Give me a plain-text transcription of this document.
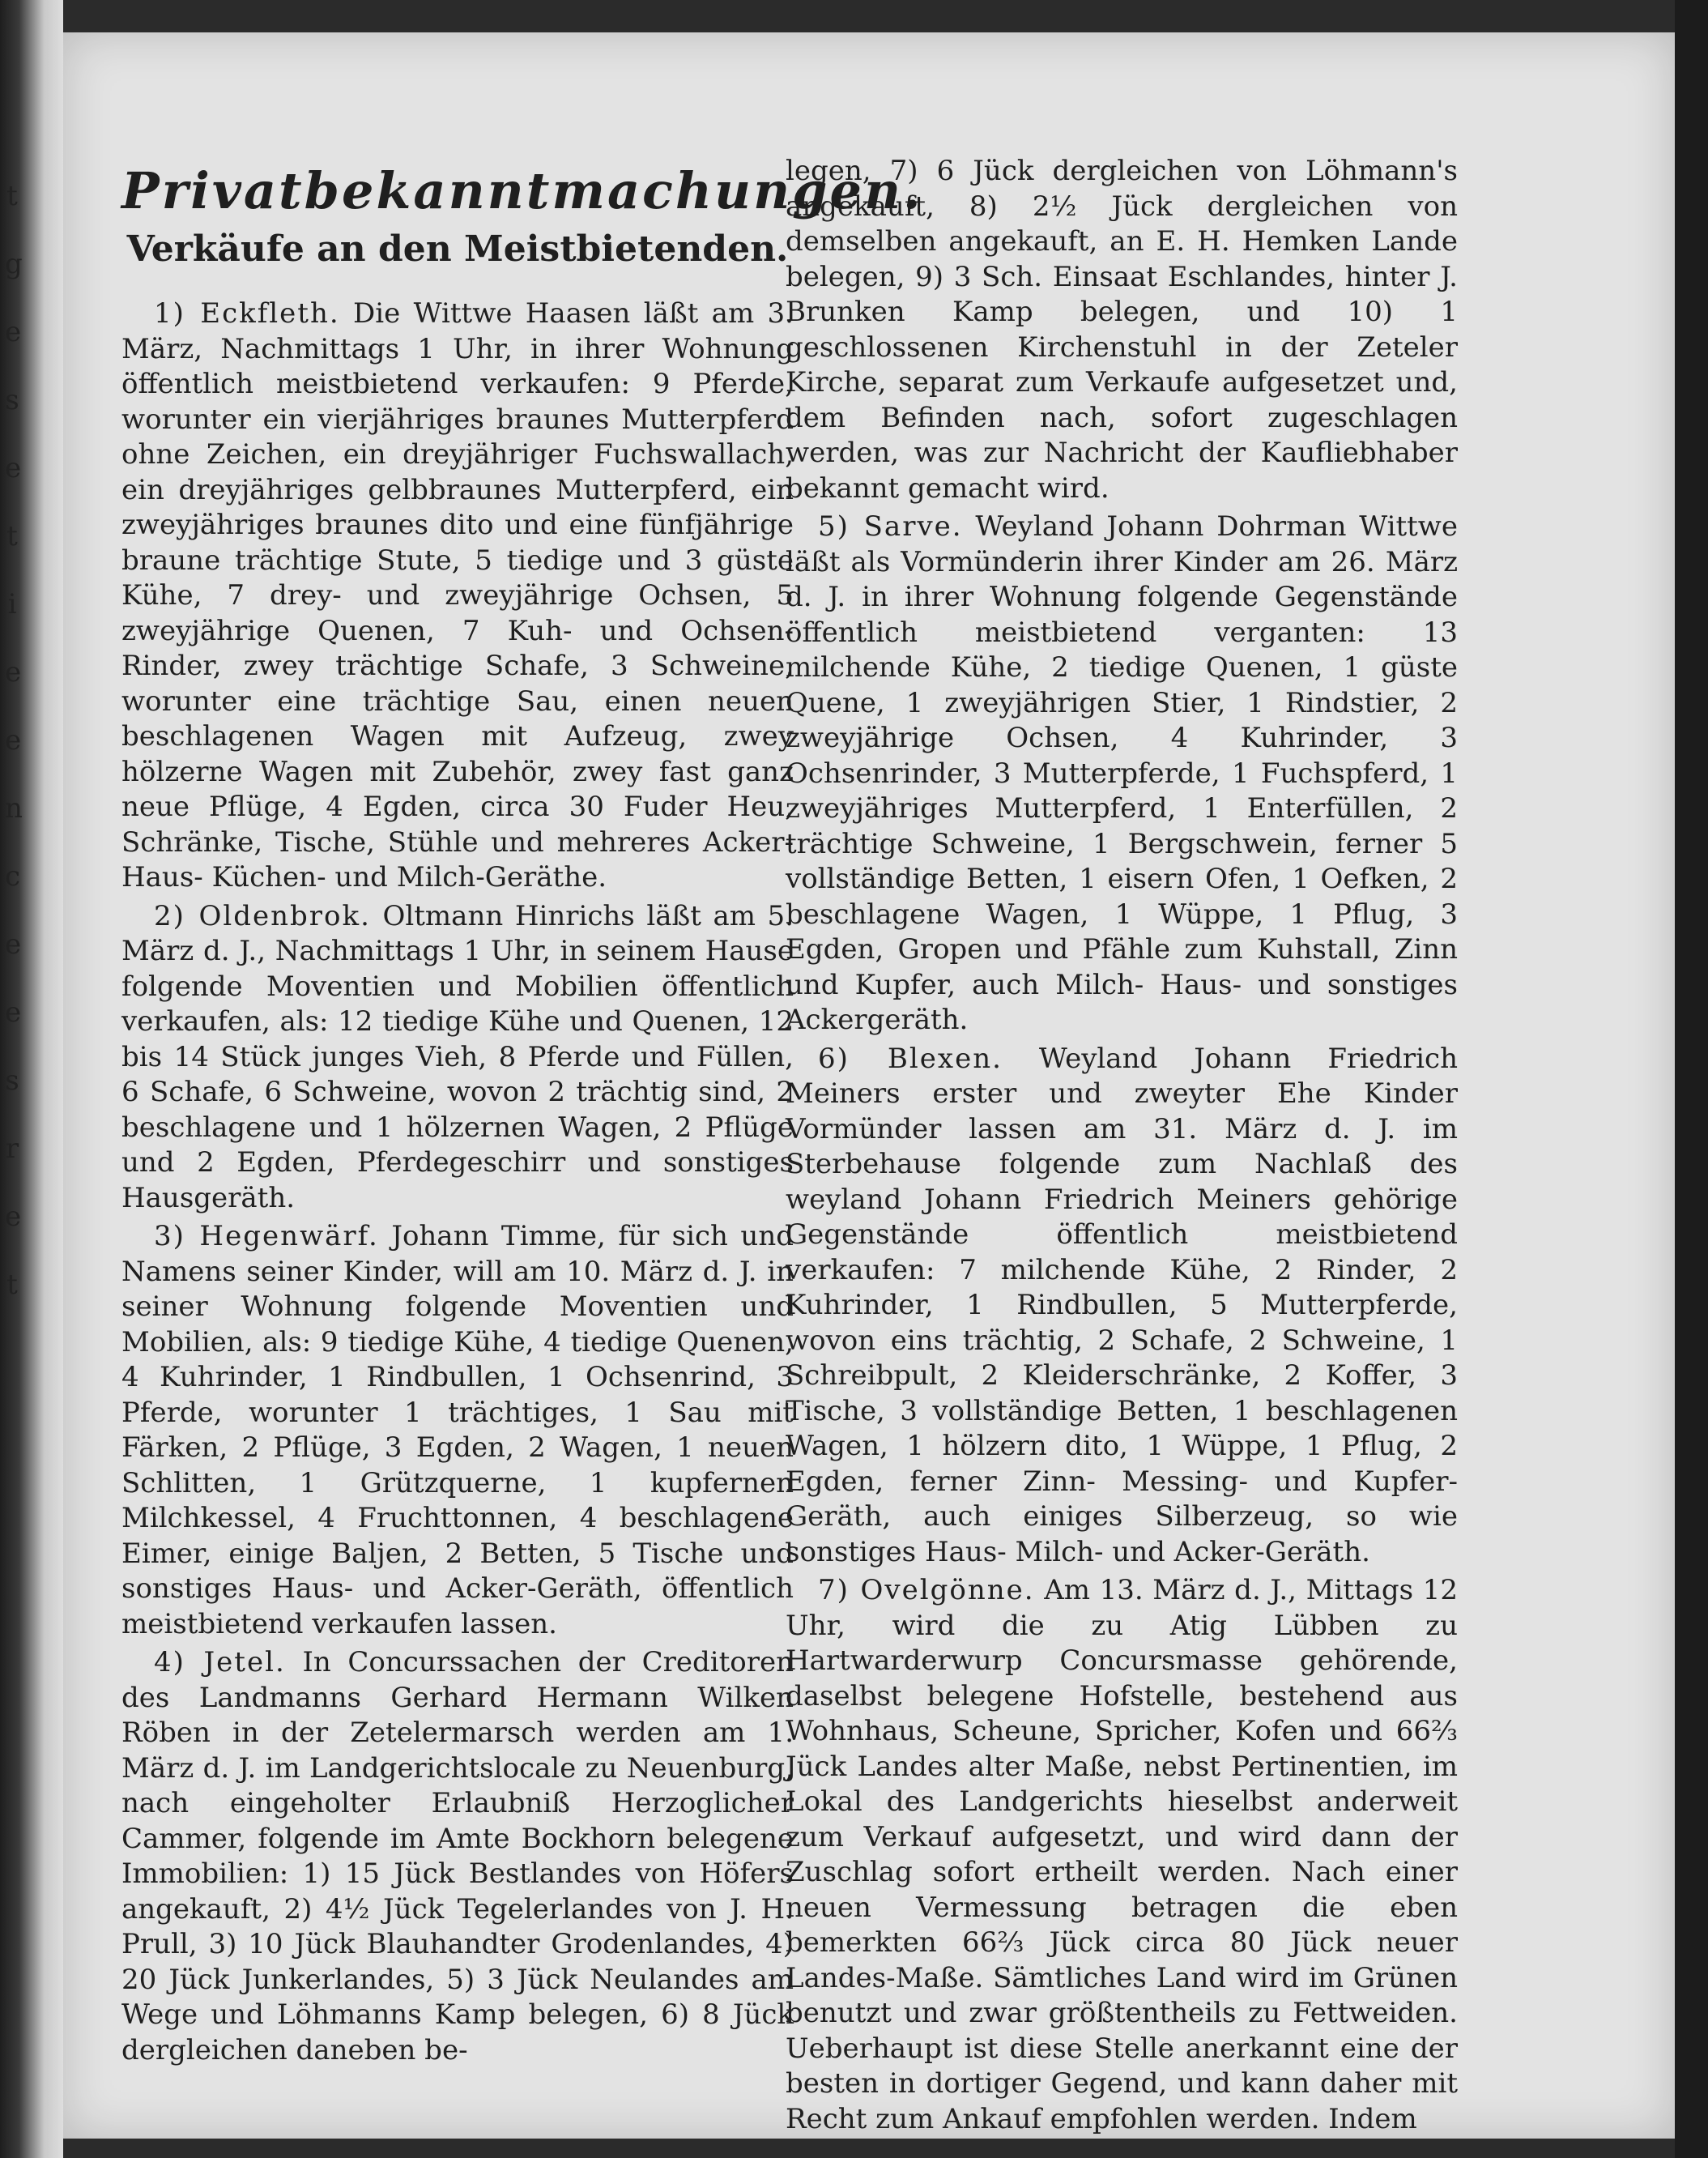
t
g
e
s
e
t
i
e
e
n
c
e
e
s
r
e
t
Privatbekanntmachungen.
Verkäufe an den Meistbietenden.

1) Eckfleth. Die Wittwe Haasen läßt am 3. März, Nachmittags 1 Uhr, in ihrer Wohnung öffentlich meistbietend verkaufen: 9 Pferde, worunter ein vierjähriges braunes Mutterpferd ohne Zeichen, ein dreyjähriger Fuchswallach, ein dreyjähriges gelbbraunes Mutterpferd, ein zweyjähriges braunes dito und eine fünfjährige braune trächtige Stute, 5 tiedige und 3 güste Kühe, 7 drey- und zweyjährige Ochsen, 5 zweyjährige Quenen, 7 Kuh- und Ochsen-Rinder, zwey trächtige Schafe, 3 Schweine, worunter eine trächtige Sau, einen neuen beschlagenen Wagen mit Aufzeug, zwey hölzerne Wagen mit Zubehör, zwey fast ganz neue Pflüge, 4 Egden, circa 30 Fuder Heu, Schränke, Tische, Stühle und mehreres Acker- Haus- Küchen- und Milch-Geräthe.

2) Oldenbrok. Oltmann Hinrichs läßt am 5. März d. J., Nachmittags 1 Uhr, in seinem Hause folgende Moventien und Mobilien öffentlich verkaufen, als: 12 tiedige Kühe und Quenen, 12 bis 14 Stück junges Vieh, 8 Pferde und Füllen, 6 Schafe, 6 Schweine, wovon 2 trächtig sind, 2 beschlagene und 1 hölzernen Wagen, 2 Pflüge und 2 Egden, Pferdegeschirr und sonstiges Hausgeräth.

3) Hegenwärf. Johann Timme, für sich und Namens seiner Kinder, will am 10. März d. J. in seiner Wohnung folgende Moventien und Mobilien, als: 9 tiedige Kühe, 4 tiedige Quenen, 4 Kuhrinder, 1 Rindbullen, 1 Ochsenrind, 3 Pferde, worunter 1 trächtiges, 1 Sau mit Färken, 2 Pflüge, 3 Egden, 2 Wagen, 1 neuen Schlitten, 1 Grützquerne, 1 kupfernen Milchkessel, 4 Fruchttonnen, 4 beschlagene Eimer, einige Baljen, 2 Betten, 5 Tische und sonstiges Haus- und Acker-Geräth, öffentlich meistbietend verkaufen lassen.

4) Jetel. In Concurssachen der Creditoren des Landmanns Gerhard Hermann Wilken Röben in der Zetelermarsch werden am 1. März d. J. im Landgerichtslocale zu Neuenburg, nach eingeholter Erlaubniß Herzoglicher Cammer, folgende im Amte Bockhorn belegene Immobilien: 1) 15 Jück Bestlandes von Höfers angekauft, 2) 4½ Jück Tegelerlandes von J. H. Prull, 3) 10 Jück Blauhandter Grodenlandes, 4) 20 Jück Junkerlandes, 5) 3 Jück Neulandes am Wege und Löhmanns Kamp belegen, 6) 8 Jück dergleichen daneben be-

legen, 7) 6 Jück dergleichen von Löhmann's angekauft, 8) 2½ Jück dergleichen von demselben angekauft, an E. H. Hemken Lande belegen, 9) 3 Sch. Einsaat Eschlandes, hinter J. Brunken Kamp belegen, und 10) 1 geschlossenen Kirchenstuhl in der Zeteler Kirche, separat zum Verkaufe aufgesetzet und, dem Befinden nach, sofort zugeschlagen werden, was zur Nachricht der Kaufliebhaber bekannt gemacht wird.

5) Sarve. Weyland Johann Dohrman Wittwe läßt als Vormünderin ihrer Kinder am 26. März d. J. in ihrer Wohnung folgende Gegenstände öffentlich meistbietend verganten: 13 milchende Kühe, 2 tiedige Quenen, 1 güste Quene, 1 zweyjährigen Stier, 1 Rindstier, 2 zweyjährige Ochsen, 4 Kuhrinder, 3 Ochsenrinder, 3 Mutterpferde, 1 Fuchspferd, 1 zweyjähriges Mutterpferd, 1 Enterfüllen, 2 trächtige Schweine, 1 Bergschwein, ferner 5 vollständige Betten, 1 eisern Ofen, 1 Oefken, 2 beschlagene Wagen, 1 Wüppe, 1 Pflug, 3 Egden, Gropen und Pfähle zum Kuhstall, Zinn und Kupfer, auch Milch- Haus- und sonstiges Ackergeräth.

6) Blexen. Weyland Johann Friedrich Meiners erster und zweyter Ehe Kinder Vormünder lassen am 31. März d. J. im Sterbehause folgende zum Nachlaß des weyland Johann Friedrich Meiners gehörige Gegenstände öffentlich meistbietend verkaufen: 7 milchende Kühe, 2 Rinder, 2 Kuhrinder, 1 Rindbullen, 5 Mutterpferde, wovon eins trächtig, 2 Schafe, 2 Schweine, 1 Schreibpult, 2 Kleiderschränke, 2 Koffer, 3 Tische, 3 vollständige Betten, 1 beschlagenen Wagen, 1 hölzern dito, 1 Wüppe, 1 Pflug, 2 Egden, ferner Zinn- Messing- und Kupfer-Geräth, auch einiges Silberzeug, so wie sonstiges Haus- Milch- und Acker-Geräth.

7) Ovelgönne. Am 13. März d. J., Mittags 12 Uhr, wird die zu Atig Lübben zu Hartwarderwurp Concursmasse gehörende, daselbst belegene Hofstelle, bestehend aus Wohnhaus, Scheune, Spricher, Kofen und 66⅔ Jück Landes alter Maße, nebst Pertinentien, im Lokal des Landgerichts hieselbst anderweit zum Verkauf aufgesetzt, und wird dann der Zuschlag sofort ertheilt werden. Nach einer neuen Vermessung betragen die eben bemerkten 66⅔ Jück circa 80 Jück neuer Landes-Maße. Sämtliches Land wird im Grünen benutzt und zwar größtentheils zu Fettweiden. Ueberhaupt ist diese Stelle anerkannt eine der besten in dortiger Gegend, und kann daher mit Recht zum Ankauf empfohlen werden. Indem
